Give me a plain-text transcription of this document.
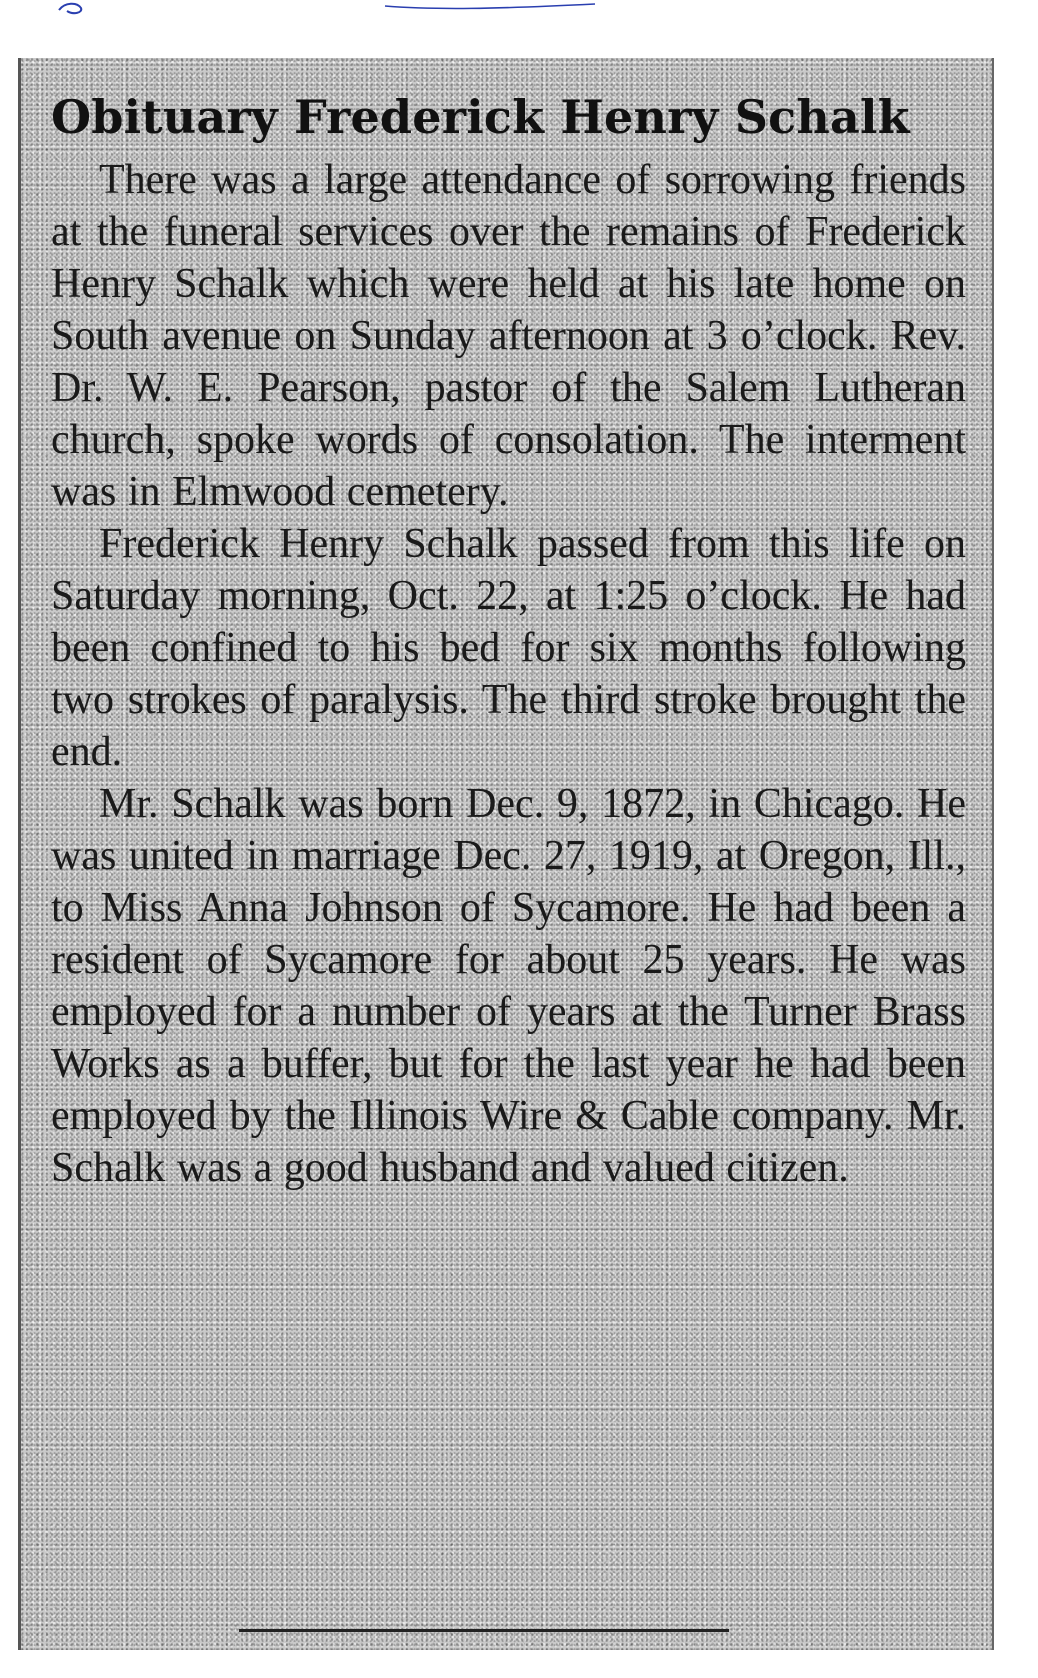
Obituary Frederick Henry Schalk

There was a large attendance of sorrowing friends at the funeral services over the remains of Frederick Henry Schalk which were held at his late home on South avenue on Sunday afternoon at 3 o’clock. Rev. Dr. W. E. Pearson, pastor of the Salem Lutheran church, spoke words of consolation. The interment was in Elmwood cemetery.

Frederick Henry Schalk passed from this life on Saturday morning, Oct. 22, at 1:25 o’clock. He had been confined to his bed for six months following two strokes of paralysis. The third stroke brought the end.

Mr. Schalk was born Dec. 9, 1872, in Chicago. He was united in marriage Dec. 27, 1919, at Oregon, Ill., to Miss Anna Johnson of Sycamore. He had been a resident of Sycamore for about 25 years. He was employed for a number of years at the Turner Brass Works as a buffer, but for the last year he had been employed by the Illinois Wire & Cable company. Mr. Schalk was a good husband and valued citizen.
